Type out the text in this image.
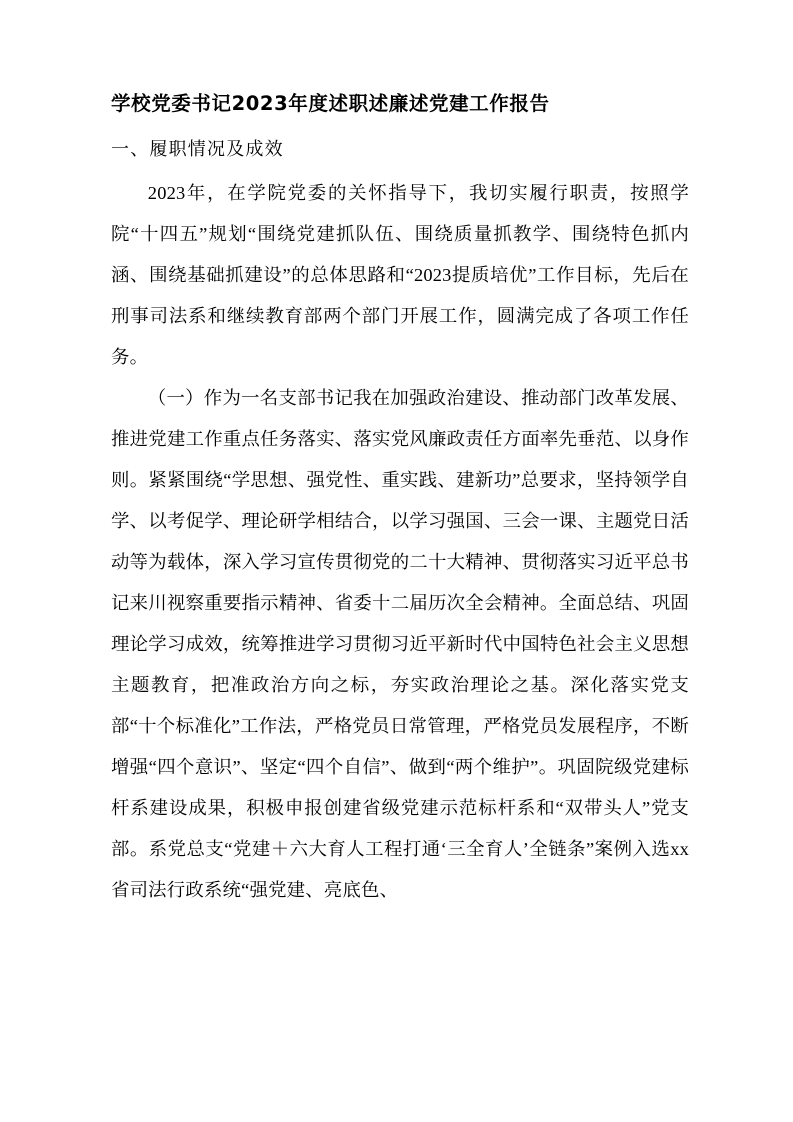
学校党委书记2023年度述职述廉述党建工作报告
一、履职情况及成效

2023年，在学院党委的关怀指导下，我切实履行职责，按照学院“十四五”规划“围绕党建抓队伍、围绕质量抓教学、围绕特色抓内涵、围绕基础抓建设”的总体思路和“2023提质培优”工作目标，先后在刑事司法系和继续教育部两个部门开展工作，圆满完成了各项工作任务。

（一）作为一名支部书记我在加强政治建设、推动部门改革发展、推进党建工作重点任务落实、落实党风廉政责任方面率先垂范、以身作则。紧紧围绕“学思想、强党性、重实践、建新功”总要求，坚持领学自学、以考促学、理论研学相结合，以学习强国、三会一课、主题党日活动等为载体，深入学习宣传贯彻党的二十大精神、贯彻落实习近平总书记来川视察重要指示精神、省委十二届历次全会精神。全面总结、巩固理论学习成效，统筹推进学习贯彻习近平新时代中国特色社会主义思想主题教育，把准政治方向之标，夯实政治理论之基。深化落实党支部“十个标准化”工作法，严格党员日常管理，严格党员发展程序，不断增强“四个意识”、坚定“四个自信”、做到“两个维护”。巩固院级党建标杆系建设成果，积极申报创建省级党建示范标杆系和“双带头人”党支部。系党总支“党建＋六大育人工程打通‘三全育人’全链条”案例入选xx省司法行政系统“强党建、亮底色、
